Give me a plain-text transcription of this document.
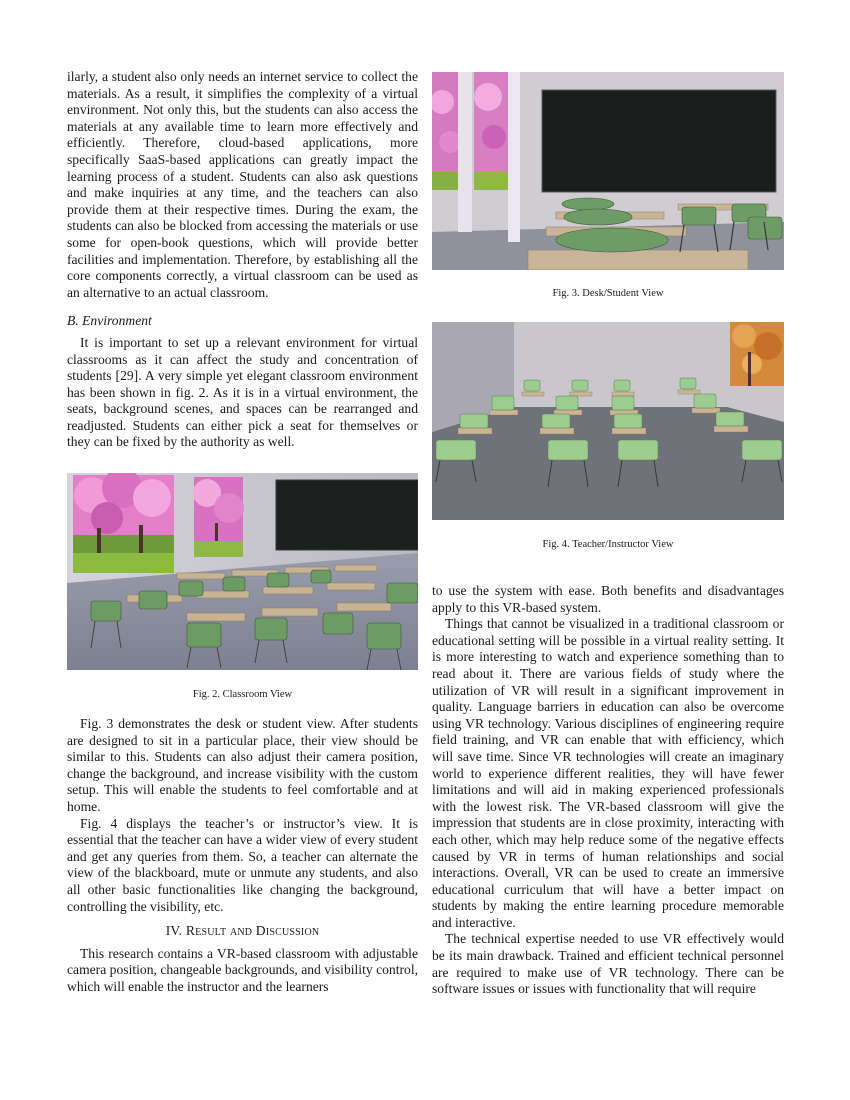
ilarly, a student also only needs an internet service to collect the materials. As a result, it simplifies the complexity of a virtual environment. Not only this, but the students can also access the materials at any available time to learn more effectively and efficiently. Therefore, cloud-based applications, more specifically SaaS-based applications can greatly impact the learning process of a student. Students can also ask questions and make inquiries at any time, and the teachers can also provide them at their respective times. During the exam, the students can also be blocked from accessing the materials or use some for open-book questions, which will provide better facilities and implementation. Therefore, by establishing all the core components correctly, a virtual classroom can be used as an alternative to an actual classroom.

B. Environment

It is important to set up a relevant environment for virtual classrooms as it can affect the study and concentration of students [29]. A very simple yet elegant classroom environment has been shown in fig. 2. As it is in a virtual environment, the seats, background scenes, and spaces can be rearranged and readjusted. Students can either pick a seat for themselves or they can be fixed by the authority as well.

Fig. 2. Classroom View

Fig. 3 demonstrates the desk or student view. After students are designed to sit in a particular place, their view should be similar to this. Students can also adjust their camera position, change the background, and increase visibility with the custom setup. This will enable the students to feel comfortable and at home.

Fig. 4 displays the teacher’s or instructor’s view. It is essential that the teacher can have a wider view of every student and get any queries from them. So, a teacher can alternate the view of the blackboard, mute or unmute any students, and also all other basic functionalities like changing the background, controlling the visibility, etc.

IV. Result and Discussion

This research contains a VR-based classroom with adjustable camera position, changeable backgrounds, and visibility control, which will enable the instructor and the learners

Fig. 3. Desk/Student View
Fig. 4. Teacher/Instructor View

to use the system with ease. Both benefits and disadvantages apply to this VR-based system.

Things that cannot be visualized in a traditional classroom or educational setting will be possible in a virtual reality setting. It is more interesting to watch and experience something than to read about it. There are various fields of study where the utilization of VR will result in a significant improvement in quality. Language barriers in education can also be overcome using VR technology. Various disciplines of engineering require field training, and VR can enable that with efficiency, which will save time. Since VR technologies will create an imaginary world to experience different realities, they will have fewer limitations and will aid in making experienced professionals with the lowest risk. The VR-based classroom will give the impression that students are in close proximity, interacting with each other, which may help reduce some of the negative effects caused by VR in terms of human relationships and social interactions. Overall, VR can be used to create an immersive educational curriculum that will have a better impact on students by making the entire learning procedure memorable and interactive.

The technical expertise needed to use VR effectively would be its main drawback. Trained and efficient technical personnel are required to make use of VR technology. There can be software issues or issues with functionality that will require
